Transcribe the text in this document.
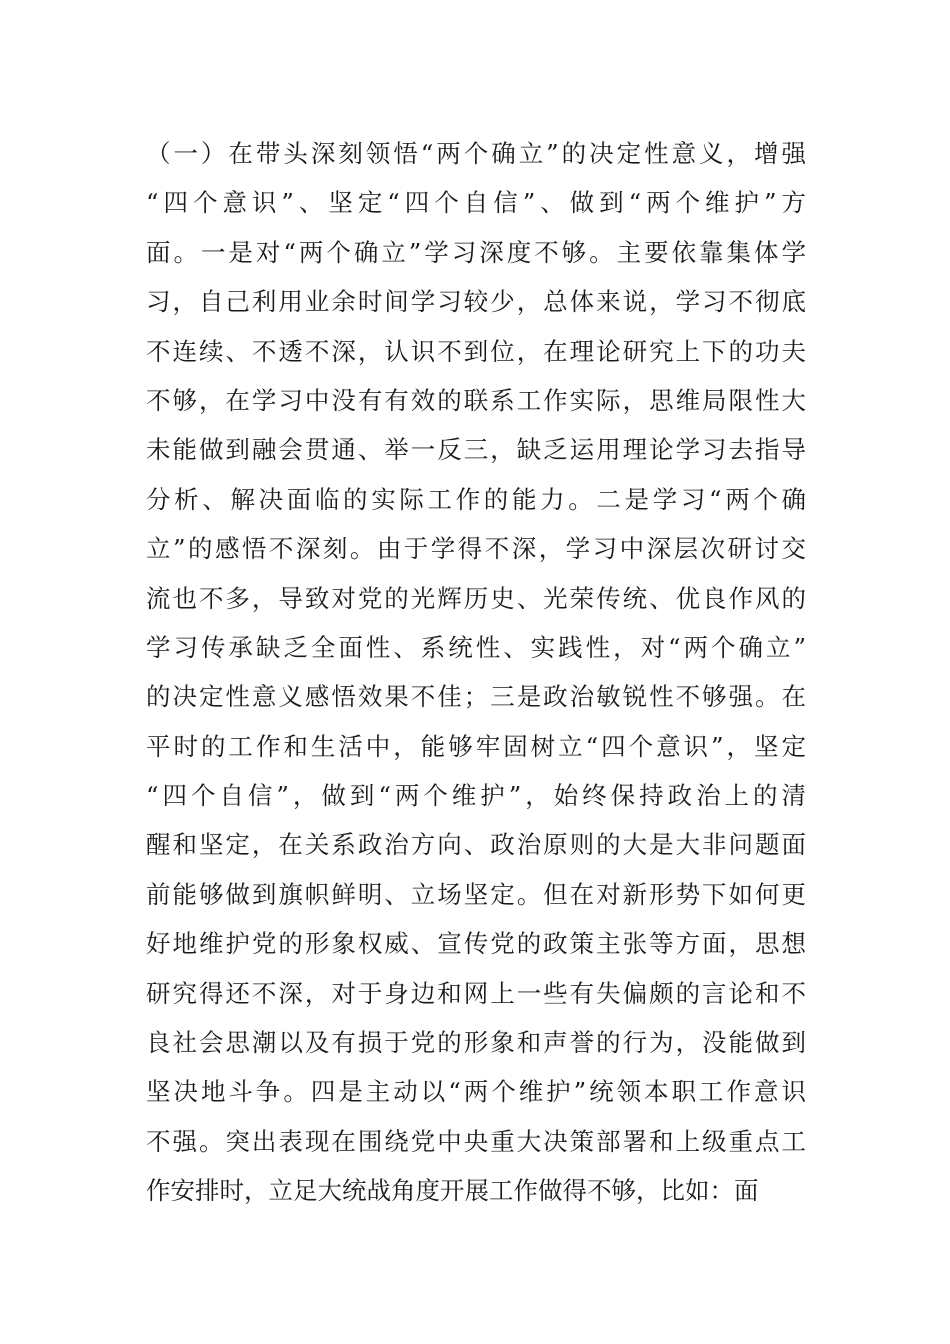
（一）在带头深刻领悟“两个确立”的决定性意义，增强
“四个意识”、坚定“四个自信”、做到“两个维护”方
面。一是对“两个确立”学习深度不够。主要依靠集体学
习，自己利用业余时间学习较少，总体来说，学习不彻底
不连续、不透不深，认识不到位，在理论研究上下的功夫
不够，在学习中没有有效的联系工作实际，思维局限性大
未能做到融会贯通、举一反三，缺乏运用理论学习去指导
分析、解决面临的实际工作的能力。二是学习“两个确
立”的感悟不深刻。由于学得不深，学习中深层次研讨交
流也不多，导致对党的光辉历史、光荣传统、优良作风的
学习传承缺乏全面性、系统性、实践性，对“两个确立”
的决定性意义感悟效果不佳；三是政治敏锐性不够强。在
平时的工作和生活中，能够牢固树立“四个意识”，坚定
“四个自信”，做到“两个维护”，始终保持政治上的清
醒和坚定，在关系政治方向、政治原则的大是大非问题面
前能够做到旗帜鲜明、立场坚定。但在对新形势下如何更
好地维护党的形象权威、宣传党的政策主张等方面，思想
研究得还不深，对于身边和网上一些有失偏颇的言论和不
良社会思潮以及有损于党的形象和声誉的行为，没能做到
坚决地斗争。四是主动以“两个维护”统领本职工作意识
不强。突出表现在围绕党中央重大决策部署和上级重点工
作安排时，立足大统战角度开展工作做得不够，比如：面
